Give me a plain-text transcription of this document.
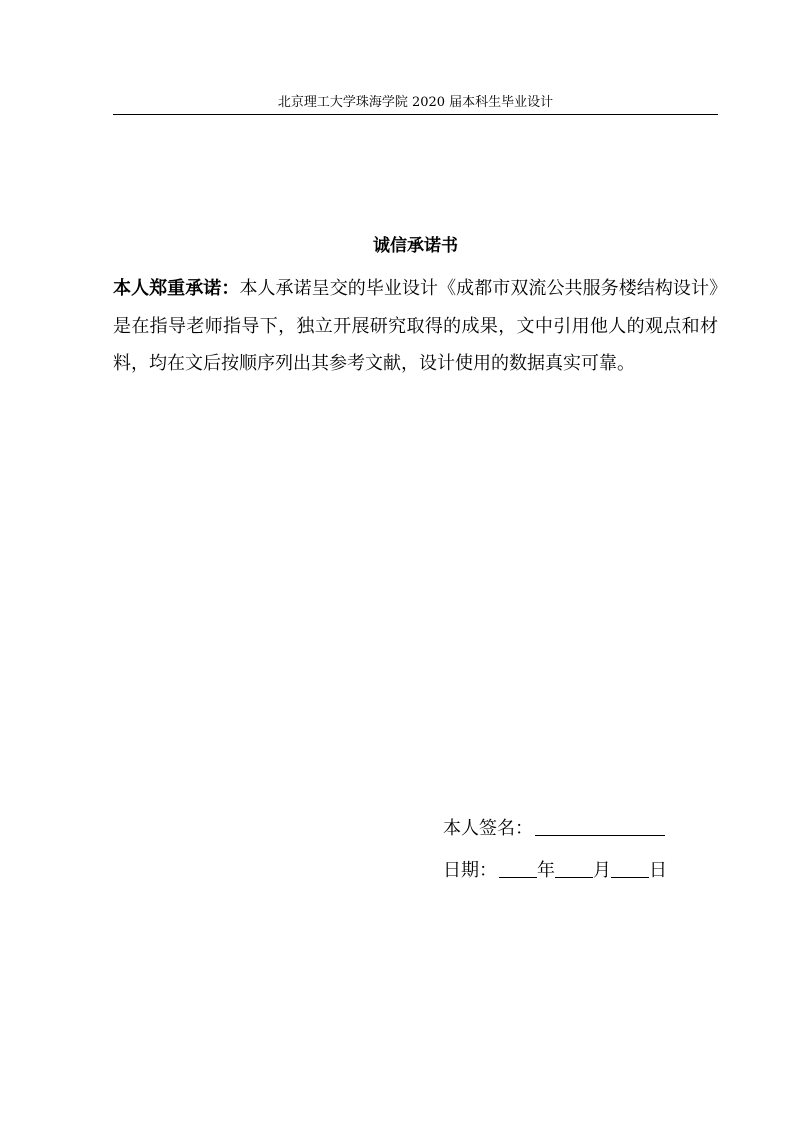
北京理工大学珠海学院 2020 届本科生毕业设计
诚信承诺书

本人郑重承诺：本人承诺呈交的毕业设计《成都市双流公共服务楼结构设计》是在指导老师指导下，独立开展研究取得的成果，文中引用他人的观点和材料，均在文后按顺序列出其参考文献，设计使用的数据真实可靠。

本人签名：
日期： 年 月 日
